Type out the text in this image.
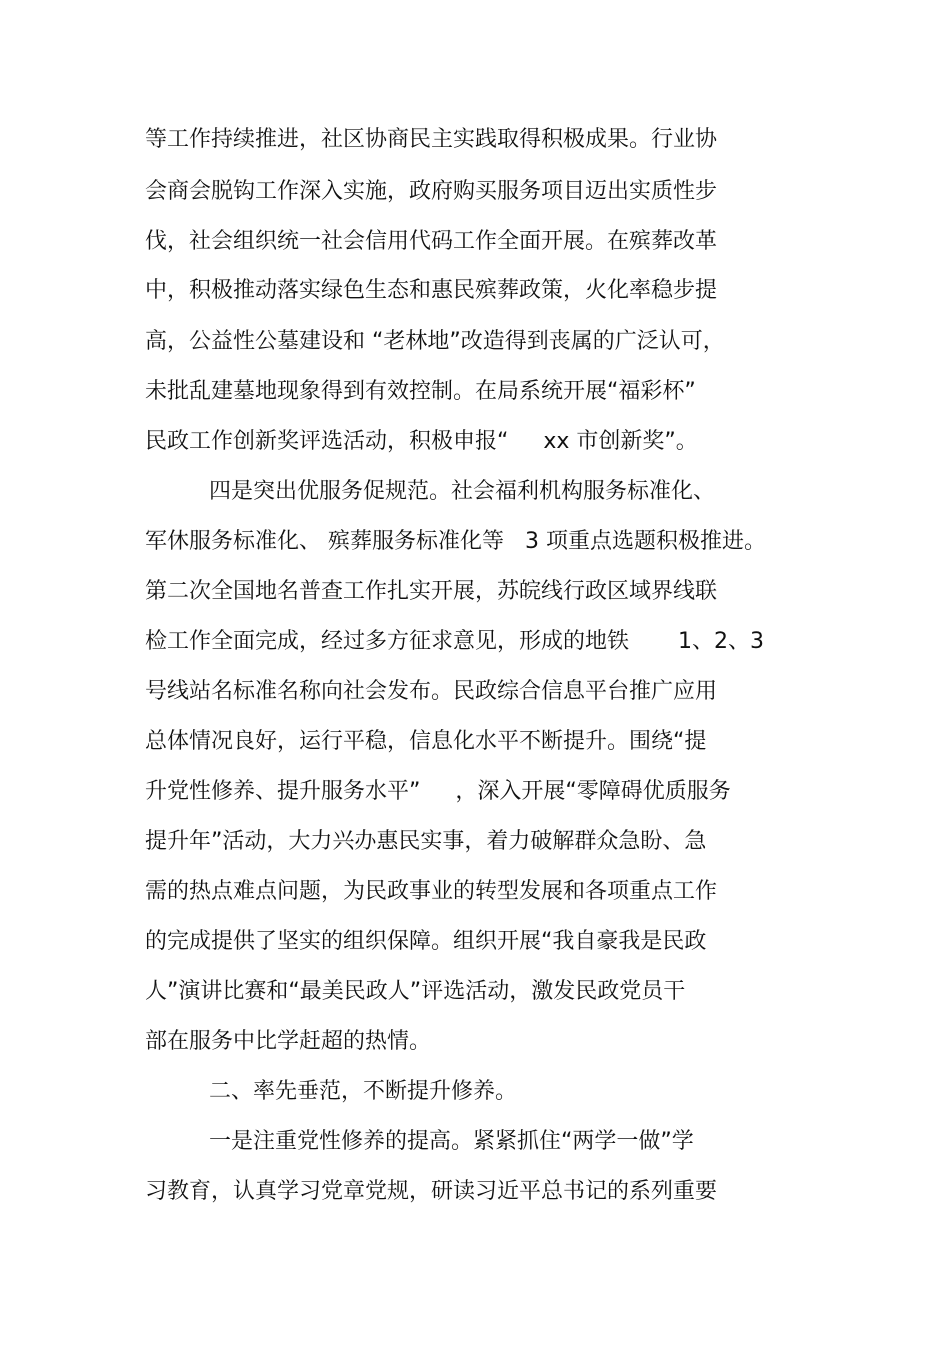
等工作持续推进，社区协商民主实践取得积极成果。行业协
会商会脱钩工作深入实施，政府购买服务项目迈出实质性步
伐，社会组织统一社会信用代码工作全面开展。在殡葬改革
中，积极推动落实绿色生态和惠民殡葬政策，火化率稳步提
高，公益性公墓建设和 “老林地”改造得到丧属的广泛认可，
未批乱建墓地现象得到有效控制。在局系统开展“福彩杯”
民政工作创新奖评选活动，积极申报“     xx 市创新奖”。
四是突出优服务促规范。社会福利机构服务标准化、
军休服务标准化、 殡葬服务标准化等   3 项重点选题积极推进。
第二次全国地名普查工作扎实开展，苏皖线行政区域界线联
检工作全面完成，经过多方征求意见，形成的地铁       1、2、3
号线站名标准名称向社会发布。民政综合信息平台推广应用
总体情况良好，运行平稳，信息化水平不断提升。围绕“提
升党性修养、提升服务水平”     ，深入开展“零障碍优质服务
提升年”活动，大力兴办惠民实事，着力破解群众急盼、急
需的热点难点问题，为民政事业的转型发展和各项重点工作
的完成提供了坚实的组织保障。组织开展“我自豪我是民政
人”演讲比赛和“最美民政人”评选活动，激发民政党员干
部在服务中比学赶超的热情。
二、率先垂范，不断提升修养。
一是注重党性修养的提高。紧紧抓住“两学一做”学
习教育，认真学习党章党规，研读习近平总书记的系列重要
